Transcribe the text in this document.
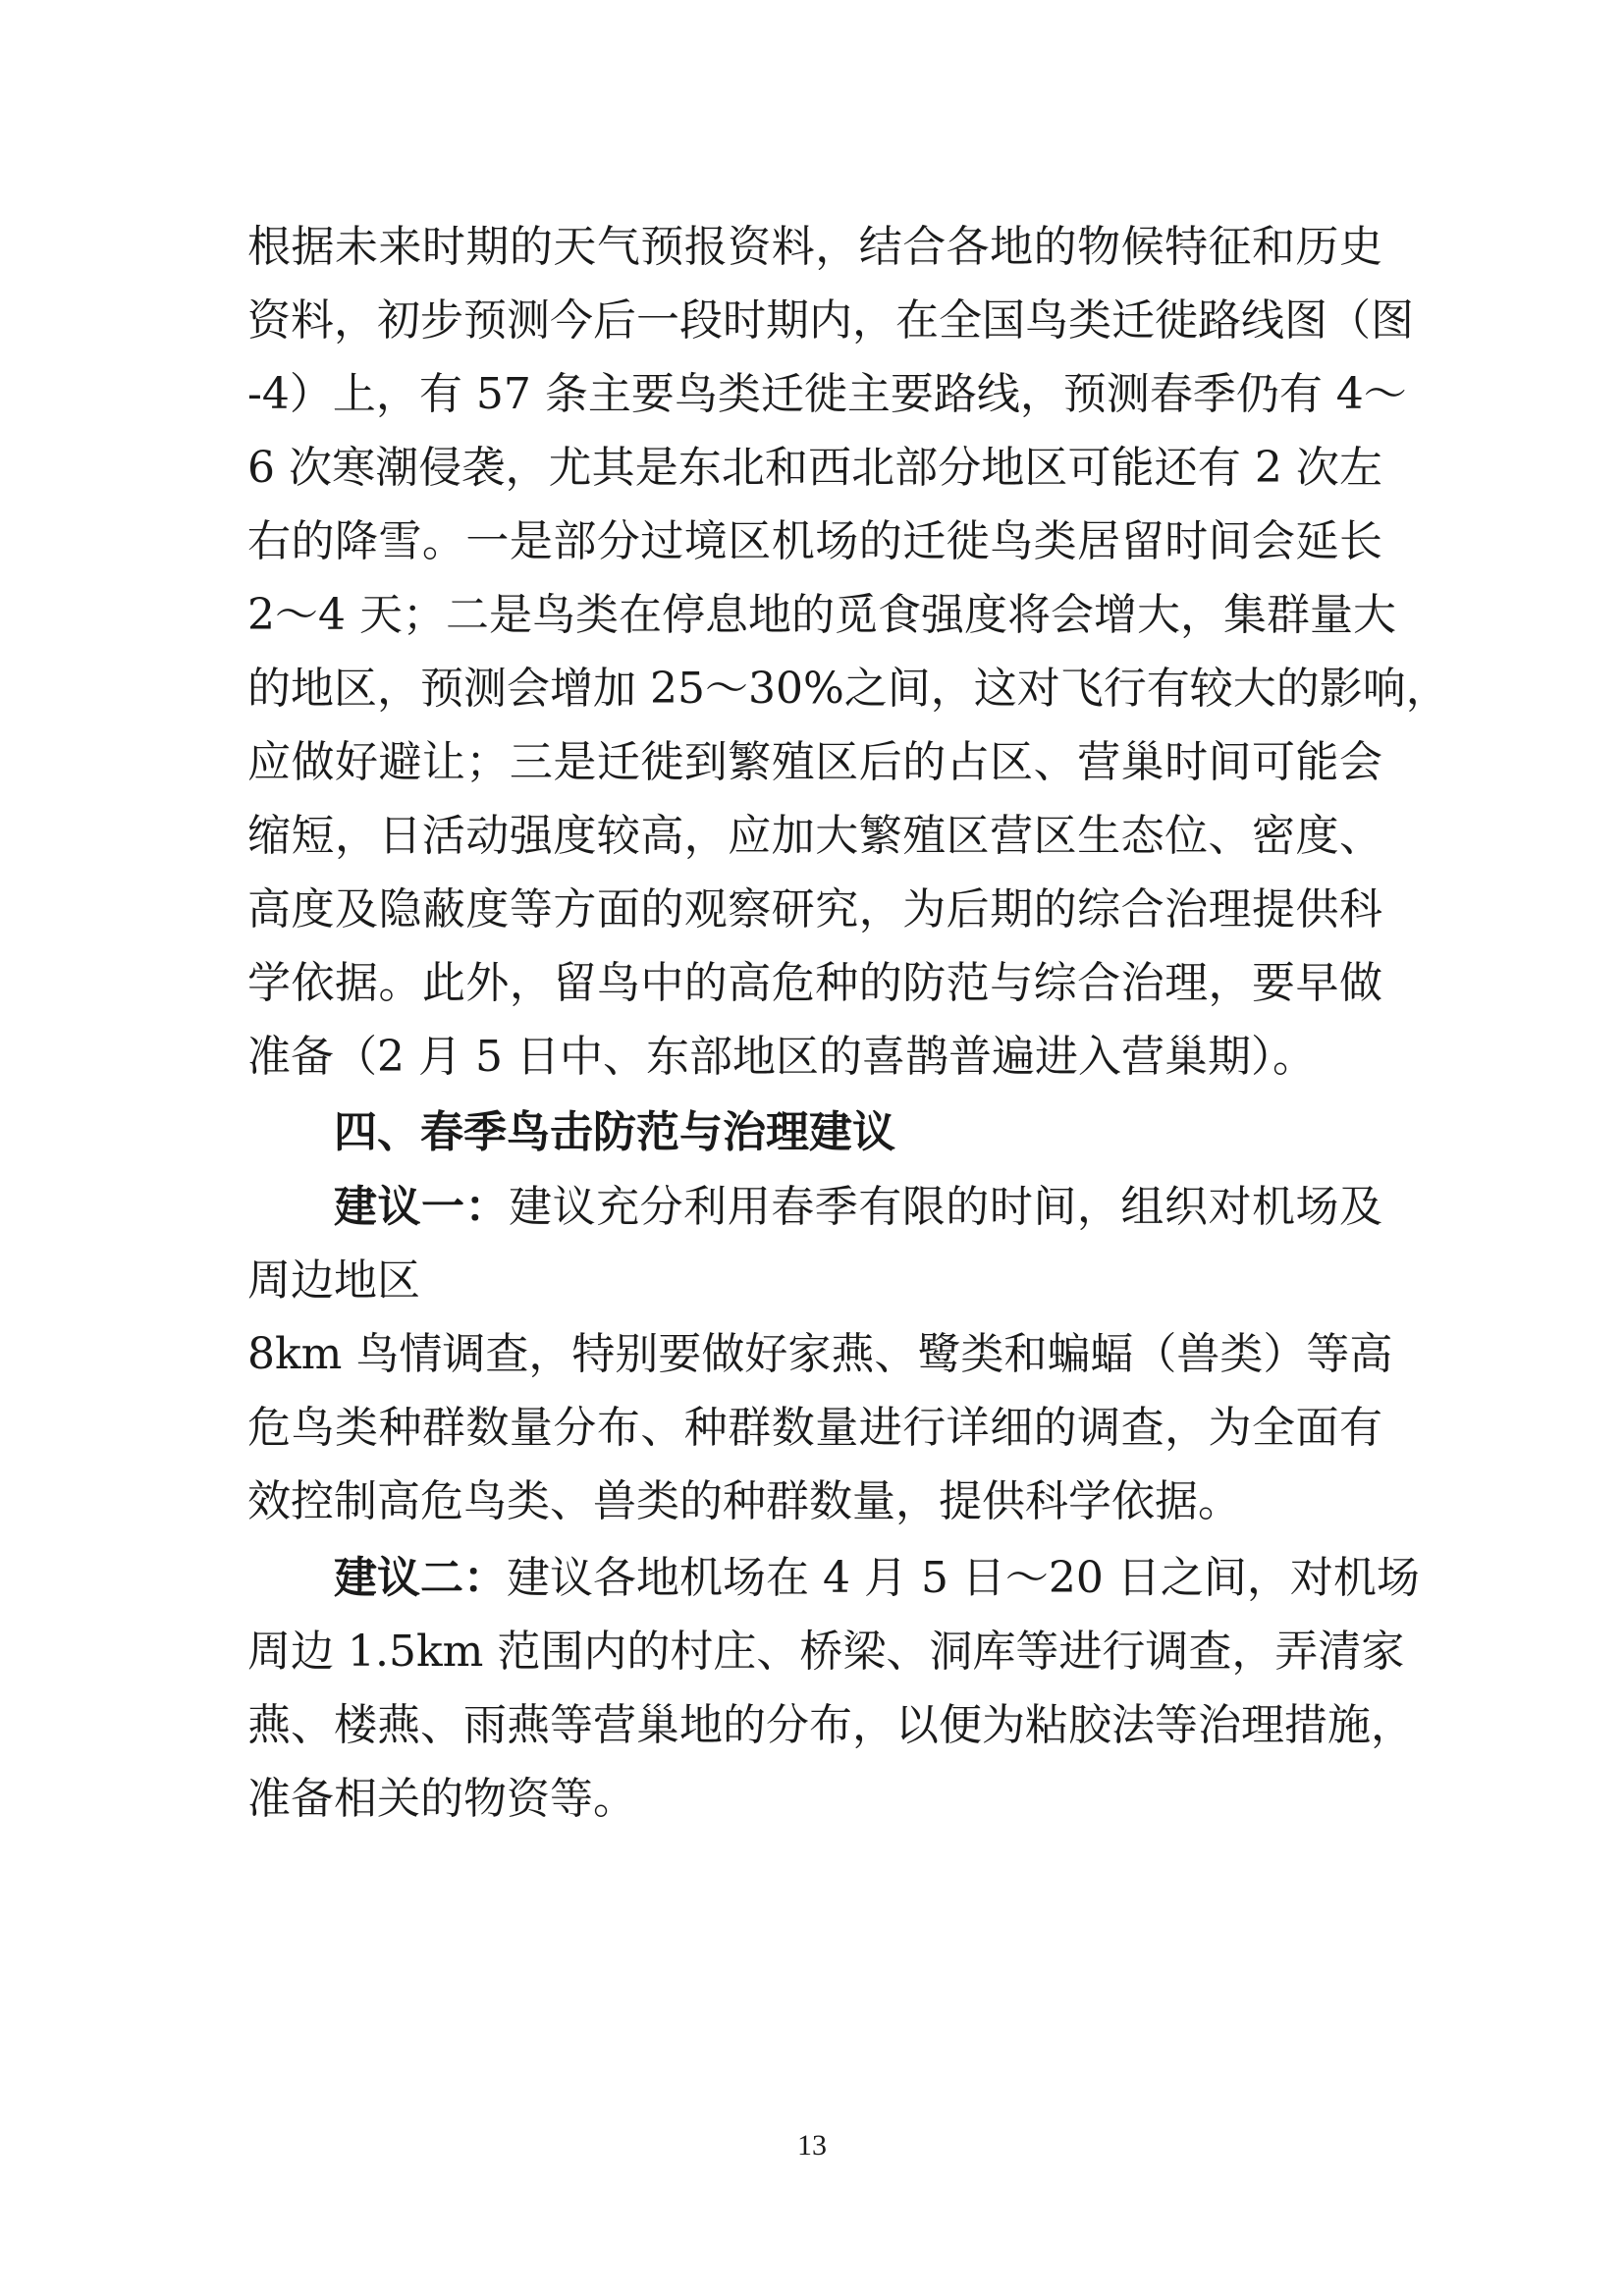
根据未来时期的天气预报资料，结合各地的物候特征和历史
资料，初步预测今后一段时期内，在全国鸟类迁徙路线图（图
-4）上，有 57 条主要鸟类迁徙主要路线，预测春季仍有 4～
6 次寒潮侵袭，尤其是东北和西北部分地区可能还有 2 次左
右的降雪。一是部分过境区机场的迁徙鸟类居留时间会延长
2～4 天；二是鸟类在停息地的觅食强度将会增大，集群量大
的地区，预测会增加 25～30%之间，这对飞行有较大的影响，
应做好避让；三是迁徙到繁殖区后的占区、营巢时间可能会
缩短，日活动强度较高，应加大繁殖区营区生态位、密度、
高度及隐蔽度等方面的观察研究，为后期的综合治理提供科
学依据。此外，留鸟中的高危种的防范与综合治理，要早做
准备（2 月 5 日中、东部地区的喜鹊普遍进入营巢期）。
四、春季鸟击防范与治理建议
建议一：建议充分利用春季有限的时间，组织对机场及
周边地区
8km 鸟情调查，特别要做好家燕、鹭类和蝙蝠（兽类）等高
危鸟类种群数量分布、种群数量进行详细的调查，为全面有
效控制高危鸟类、兽类的种群数量，提供科学依据。
建议二：建议各地机场在 4 月 5 日～20 日之间，对机场
周边 1.5km 范围内的村庄、桥梁、洞库等进行调查，弄清家
燕、楼燕、雨燕等营巢地的分布，以便为粘胶法等治理措施，
准备相关的物资等。
13
